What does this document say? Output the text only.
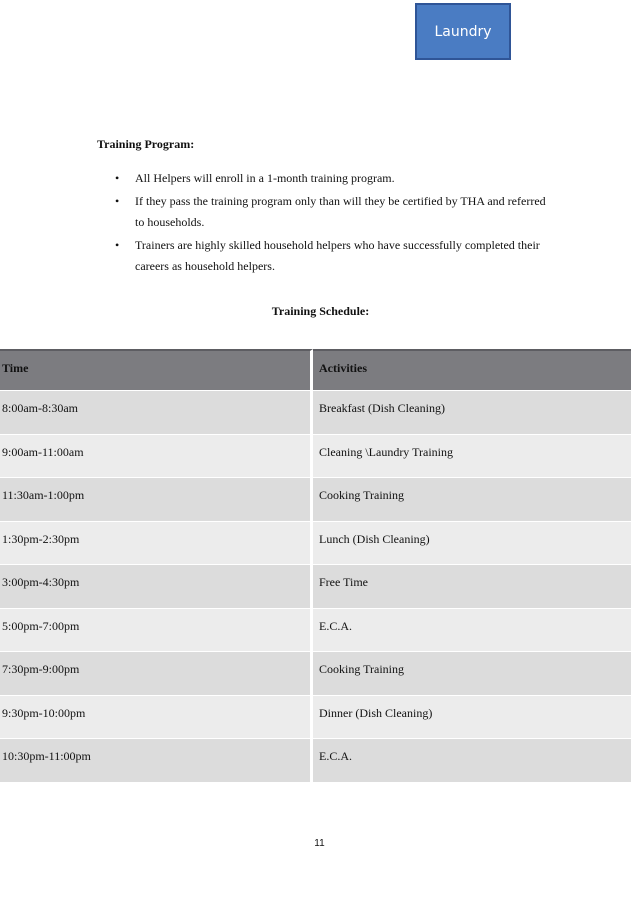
Laundry
Training Program:
• All Helpers will enroll in a 1-month training program.
• If they pass the training program only than will they be certified by THA and referred to households.
• Trainers are highly skilled household helpers who have successfully completed their careers as household helpers.
Training Schedule:
Time	Activities
8:00am-8:30am	Breakfast (Dish Cleaning)
9:00am-11:00am	Cleaning \Laundry Training
11:30am-1:00pm	Cooking Training
1:30pm-2:30pm	Lunch (Dish Cleaning)
3:00pm-4:30pm	Free Time
5:00pm-7:00pm	E.C.A.
7:30pm-9:00pm	Cooking Training
9:30pm-10:00pm	Dinner (Dish Cleaning)
10:30pm-11:00pm	E.C.A.
11
